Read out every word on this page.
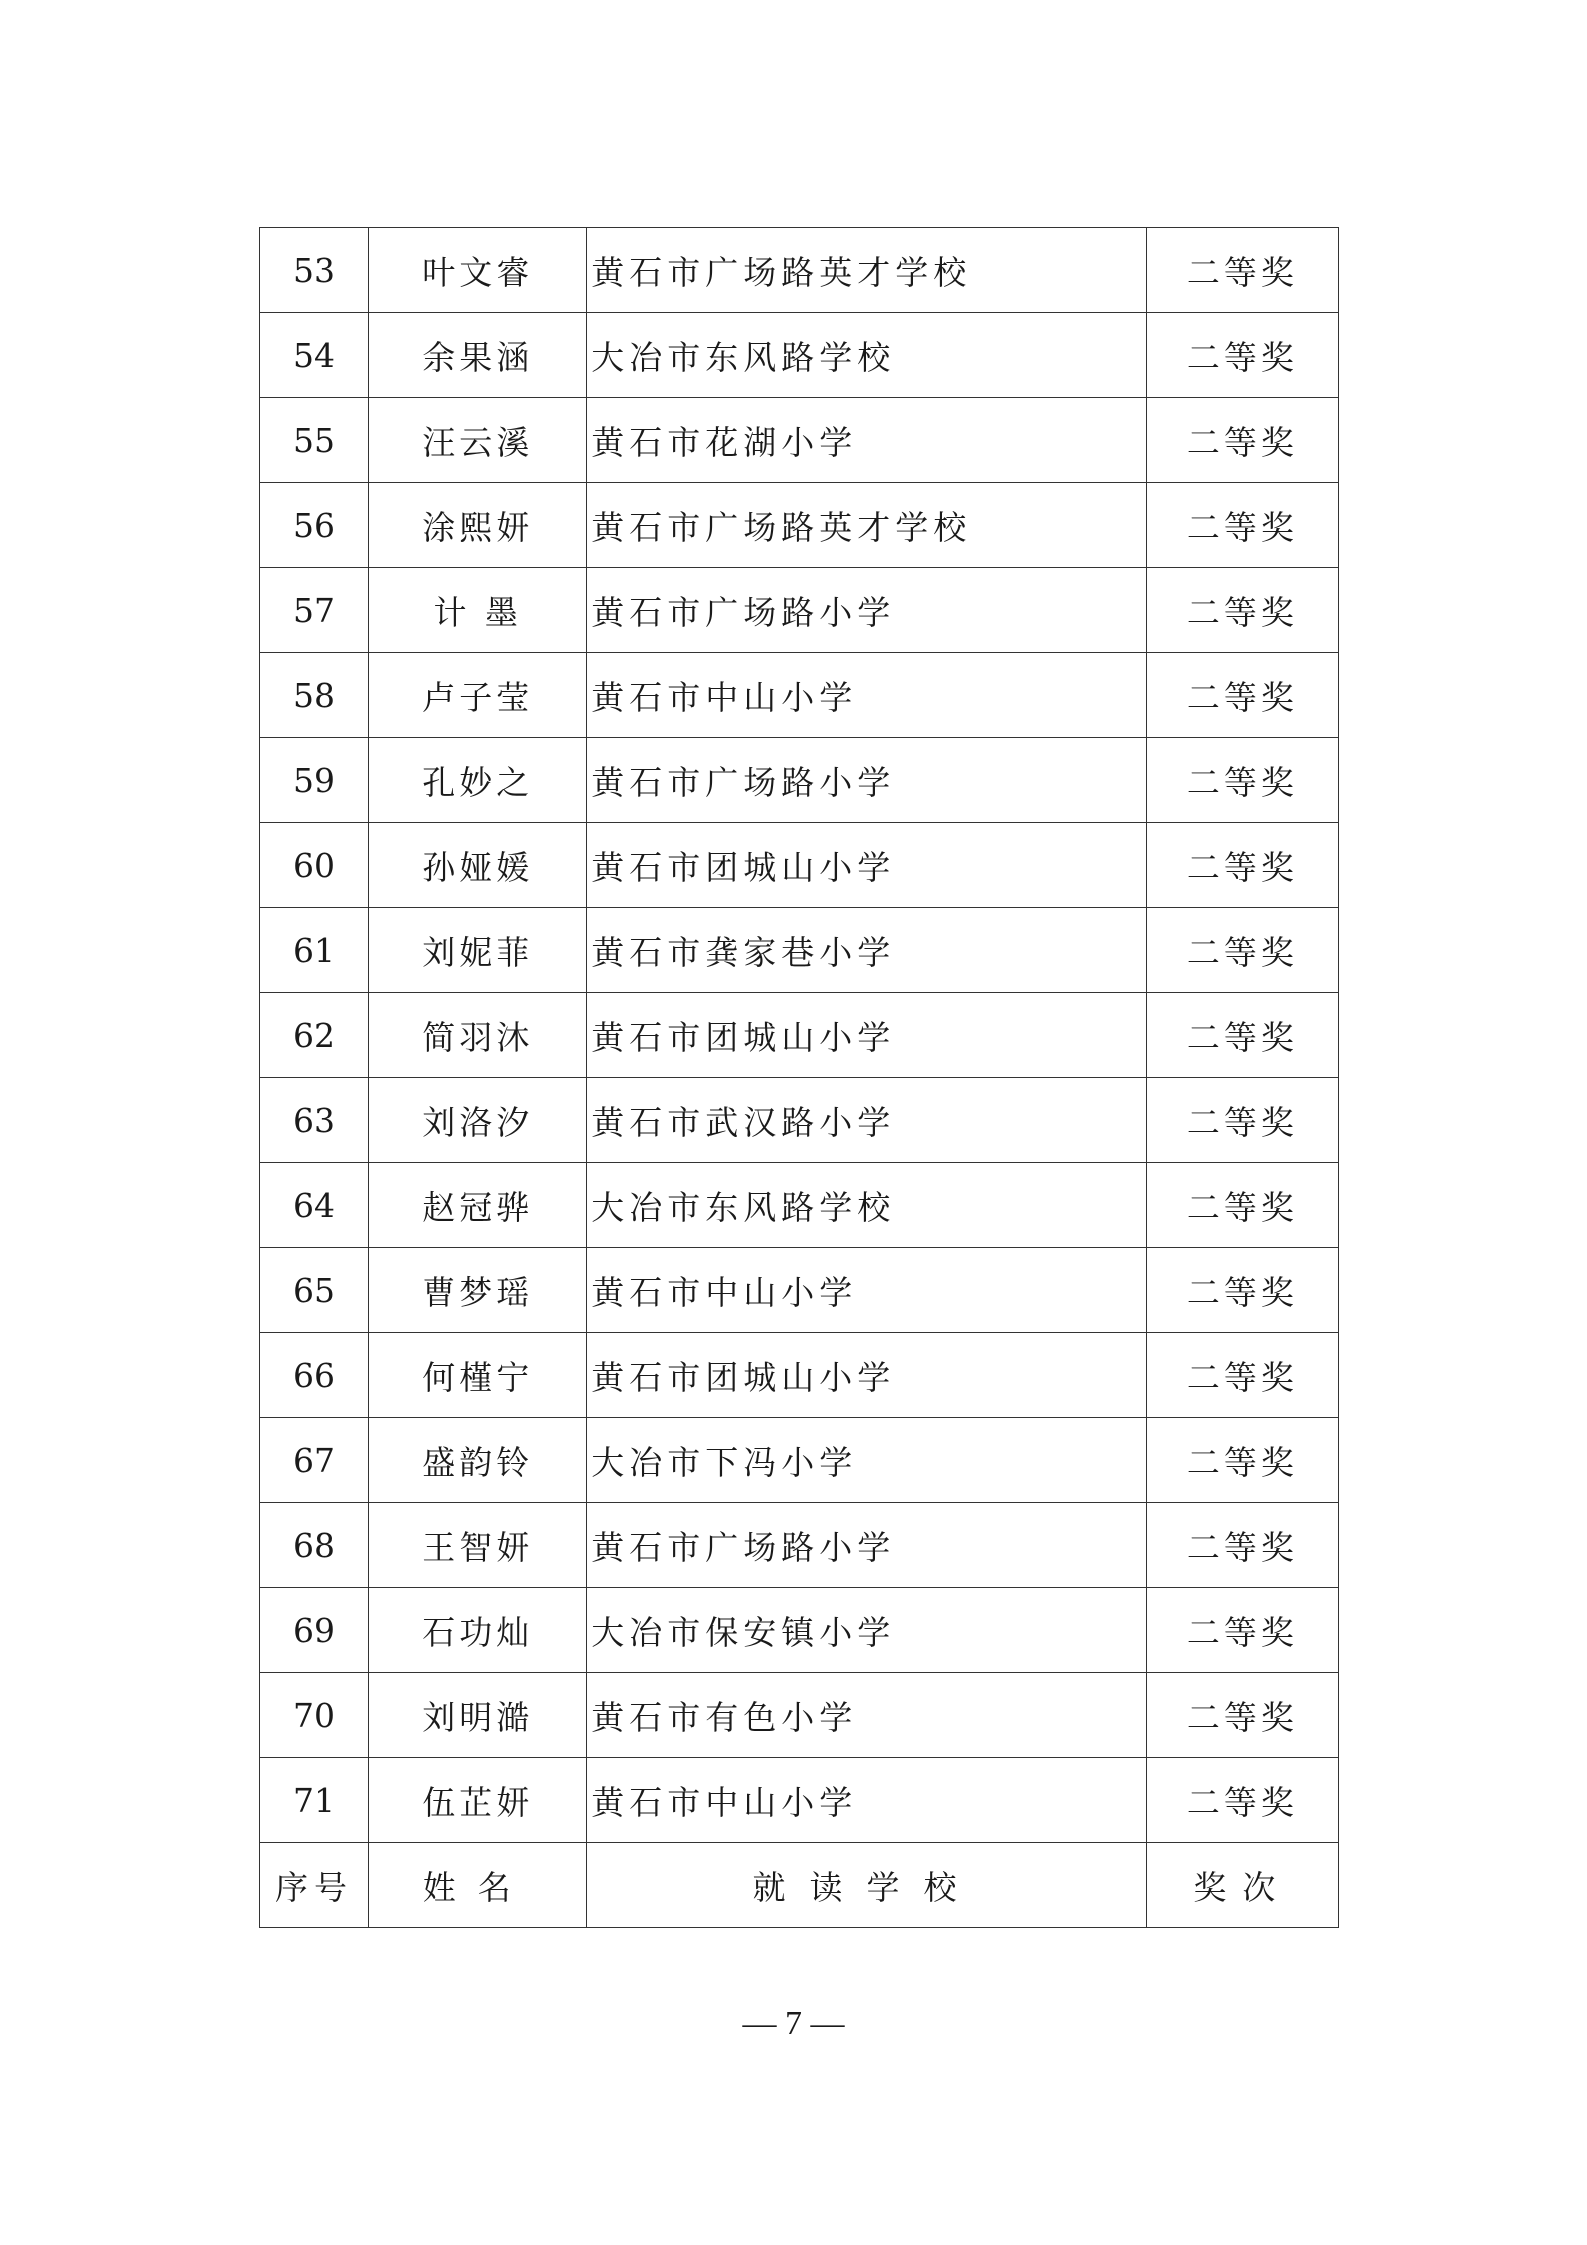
53	叶文睿	黄石市广场路英才学校	二等奖
54	余果涵	大冶市东风路学校	二等奖
55	汪云溪	黄石市花湖小学	二等奖
56	涂熙妍	黄石市广场路英才学校	二等奖
57	计 墨	黄石市广场路小学	二等奖
58	卢子莹	黄石市中山小学	二等奖
59	孔妙之	黄石市广场路小学	二等奖
60	孙娅媛	黄石市团城山小学	二等奖
61	刘妮菲	黄石市龚家巷小学	二等奖
62	简羽沐	黄石市团城山小学	二等奖
63	刘洛汐	黄石市武汉路小学	二等奖
64	赵冠骅	大冶市东风路学校	二等奖
65	曹梦瑶	黄石市中山小学	二等奖
66	何槿宁	黄石市团城山小学	二等奖
67	盛韵铃	大冶市下冯小学	二等奖
68	王智妍	黄石市广场路小学	二等奖
69	石功灿	大冶市保安镇小学	二等奖
70	刘明澔	黄石市有色小学	二等奖
71	伍芷妍	黄石市中山小学	二等奖
序号	姓名	就读学校	奖次
— 7 —
